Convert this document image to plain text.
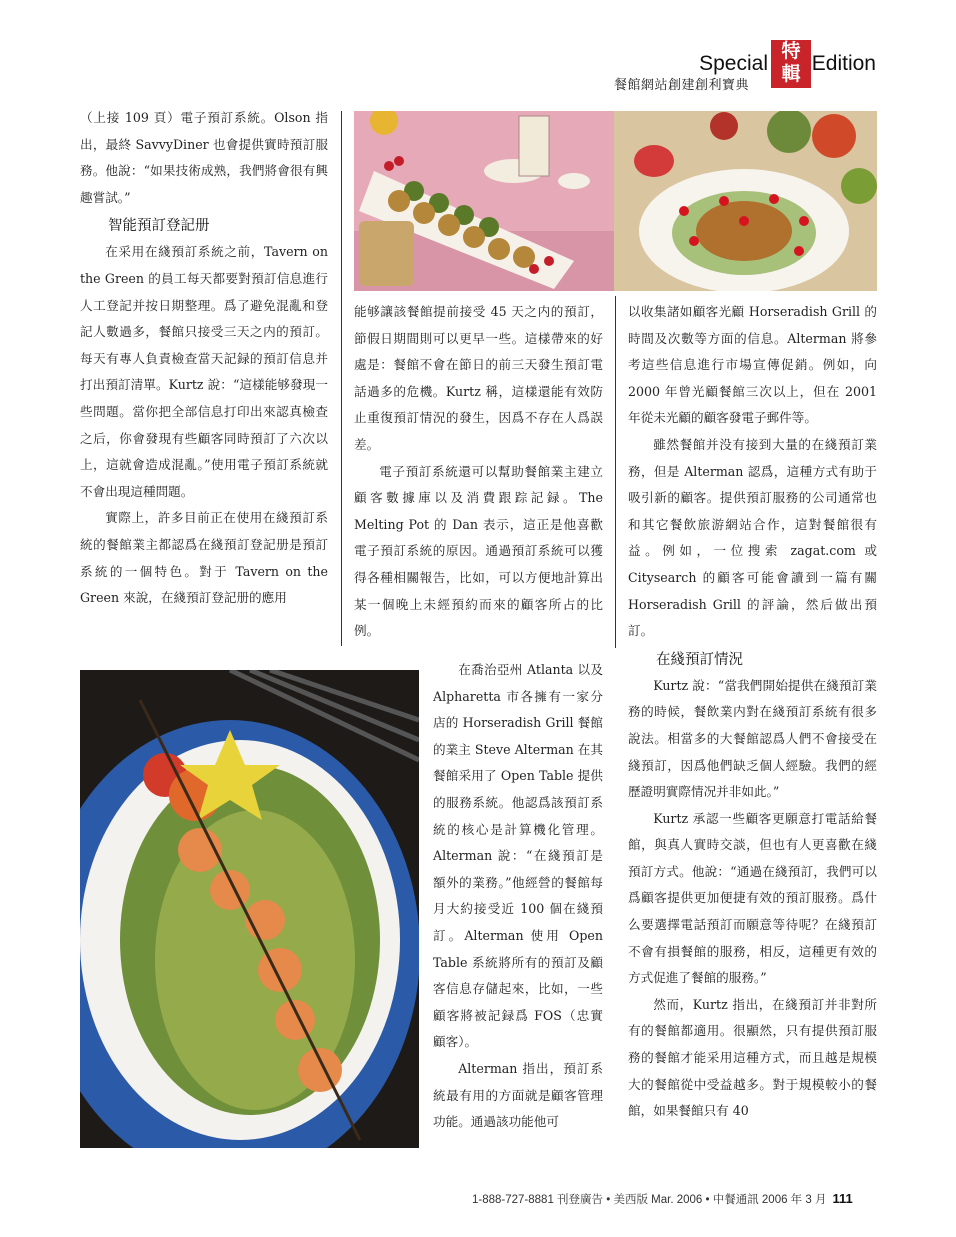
Special
特
輯 Edition
餐館網站創建創利寶典

（上接 109 頁）電子預訂系統。Olson 指出，最終 SavvyDiner 也會提供實時預訂服務。他說：“如果技術成熟，我們將會很有興趣嘗試。”

智能預訂登記册

在采用在綫預訂系統之前，Tavern on the Green 的員工每天都要對預訂信息進行人工登記并按日期整理。爲了避免混亂和登記人數過多，餐館只接受三天之内的預訂。每天有專人負責檢查當天記録的預訂信息并打出預訂清單。Kurtz 說：“這樣能够發現一些問題。當你把全部信息打印出來認真檢查之后，你會發現有些顧客同時預訂了六次以上，這就會造成混亂。”使用電子預訂系統就不會出現這種問題。

實際上，許多目前正在使用在綫預訂系統的餐館業主都認爲在綫預訂登記册是預訂系統的一個特色。對于 Tavern on the Green 來說，在綫預訂登記册的應用

能够讓該餐館提前接受 45 天之内的預訂，節假日期間則可以更早一些。這樣帶來的好處是：餐館不會在節日的前三天發生預訂電話過多的危機。Kurtz 稱，這樣還能有效防止重復預訂情況的發生，因爲不存在人爲誤差。

電子預訂系統還可以幫助餐館業主建立顧客數據庫以及消費跟踪記録。The Melting Pot 的 Dan 表示，這正是他喜歡電子預訂系統的原因。通過預訂系統可以獲得各種相關報告，比如，可以方便地計算出某一個晚上未經預約而來的顧客所占的比例。

在喬治亞州 Atlanta 以及 Alpharetta 市各擁有一家分店的 Horseradish Grill 餐館的業主 Steve Alterman 在其餐館采用了 Open Table 提供的服務系統。他認爲該預訂系統的核心是計算機化管理。Alterman 說：“在綫預訂是額外的業務。”他經營的餐館每月大約接受近 100 個在綫預訂。Alterman 使用 Open Table 系統將所有的預訂及顧客信息存儲起來，比如，一些顧客將被記録爲 FOS（忠實顧客）。

Alterman 指出，預訂系統最有用的方面就是顧客管理功能。通過該功能他可

以收集諸如顧客光顧 Horseradish Grill 的時間及次數等方面的信息。Alterman 將參考這些信息進行市場宣傳促銷。例如，向 2000 年曾光顧餐館三次以上，但在 2001 年從未光顧的顧客發電子郵件等。

雖然餐館并没有接到大量的在綫預訂業務，但是 Alterman 認爲，這種方式有助于吸引新的顧客。提供預訂服務的公司通常也和其它餐飲旅游網站合作，這對餐館很有益。例如，一位搜索 zagat.com 或 Citysearch 的顧客可能會讀到一篇有關 Horseradish Grill 的評論，然后做出預訂。

在綫預訂情況

Kurtz 說：“當我們開始提供在綫預訂業務的時候，餐飲業内對在綫預訂系統有很多說法。相當多的大餐館認爲人們不會接受在綫預訂，因爲他們缺乏個人經驗。我們的經歷證明實際情况并非如此。”

Kurtz 承認一些顧客更願意打電話給餐館，與真人實時交談，但也有人更喜歡在綫預訂方式。他說：“通過在綫預訂，我們可以爲顧客提供更加便捷有效的預訂服務。爲什么要選擇電話預訂而願意等待呢？在綫預訂不會有損餐館的服務，相反，這種更有效的方式促進了餐館的服務。”

然而，Kurtz 指出，在綫預訂并非對所有的餐館都適用。很顯然，只有提供預訂服務的餐館才能采用這種方式，而且越是規模大的餐館從中受益越多。對于規模較小的餐館，如果餐館只有 40

1-888-727-8881 刊登廣告 • 美西版 Mar. 2006 • 中餐通訊 2006 年 3 月 111
